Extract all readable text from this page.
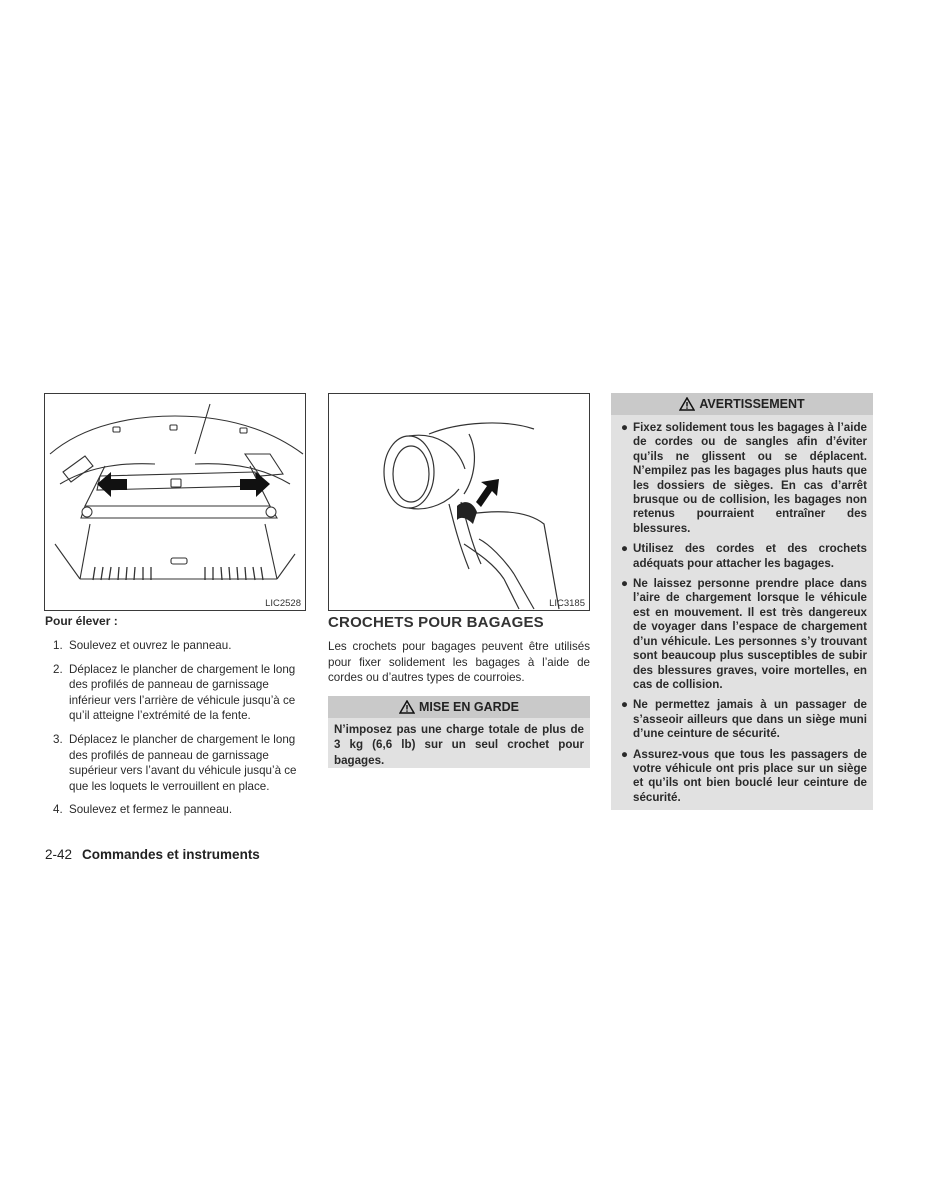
LIC2528	LIC3185

Pour élever :

1. Soulevez et ouvrez le panneau.
2. Déplacez le plancher de chargement le long des profilés de panneau de garnissage inférieur vers l’arrière de véhicule jusqu’à ce qu’il atteigne l’extrémité de la fente.
3. Déplacez le plancher de chargement le long des profilés de panneau de garnissage supérieur vers l’avant du véhicule jusqu’à ce que les loquets le verrouillent en place.
4. Soulevez et fermez le panneau.
CROCHETS POUR BAGAGES

Les crochets pour bagages peuvent être utilisés pour fixer solidement les bagages à l’aide de cordes ou d’autres types de courroies.

MISE EN GARDE
N’imposez pas une charge totale de plus de 3 kg (6,6 lb) sur un seul crochet pour bagages.
AVERTISSEMENT
● Fixez solidement tous les bagages à l’aide de cordes ou de sangles afin d’éviter qu’ils ne glissent ou se déplacent. N’empilez pas les bagages plus hauts que les dossiers de sièges. En cas d’arrêt brusque ou de collision, les bagages non retenus pourraient entraîner des blessures.
● Utilisez des cordes et des crochets adéquats pour attacher les bagages.
● Ne laissez personne prendre place dans l’aire de chargement lorsque le véhicule est en mouvement. Il est très dangereux de voyager dans l’espace de chargement d’un véhicule. Les personnes s’y trouvant sont beaucoup plus susceptibles de subir des blessures graves, voire mortelles, en cas de collision.
● Ne permettez jamais à un passager de s’asseoir ailleurs que dans un siège muni d’une ceinture de sécurité.
● Assurez-vous que tous les passagers de votre véhicule ont pris place sur un siège et qu’ils ont bien bouclé leur ceinture de sécurité.
2-42 Commandes et instruments
